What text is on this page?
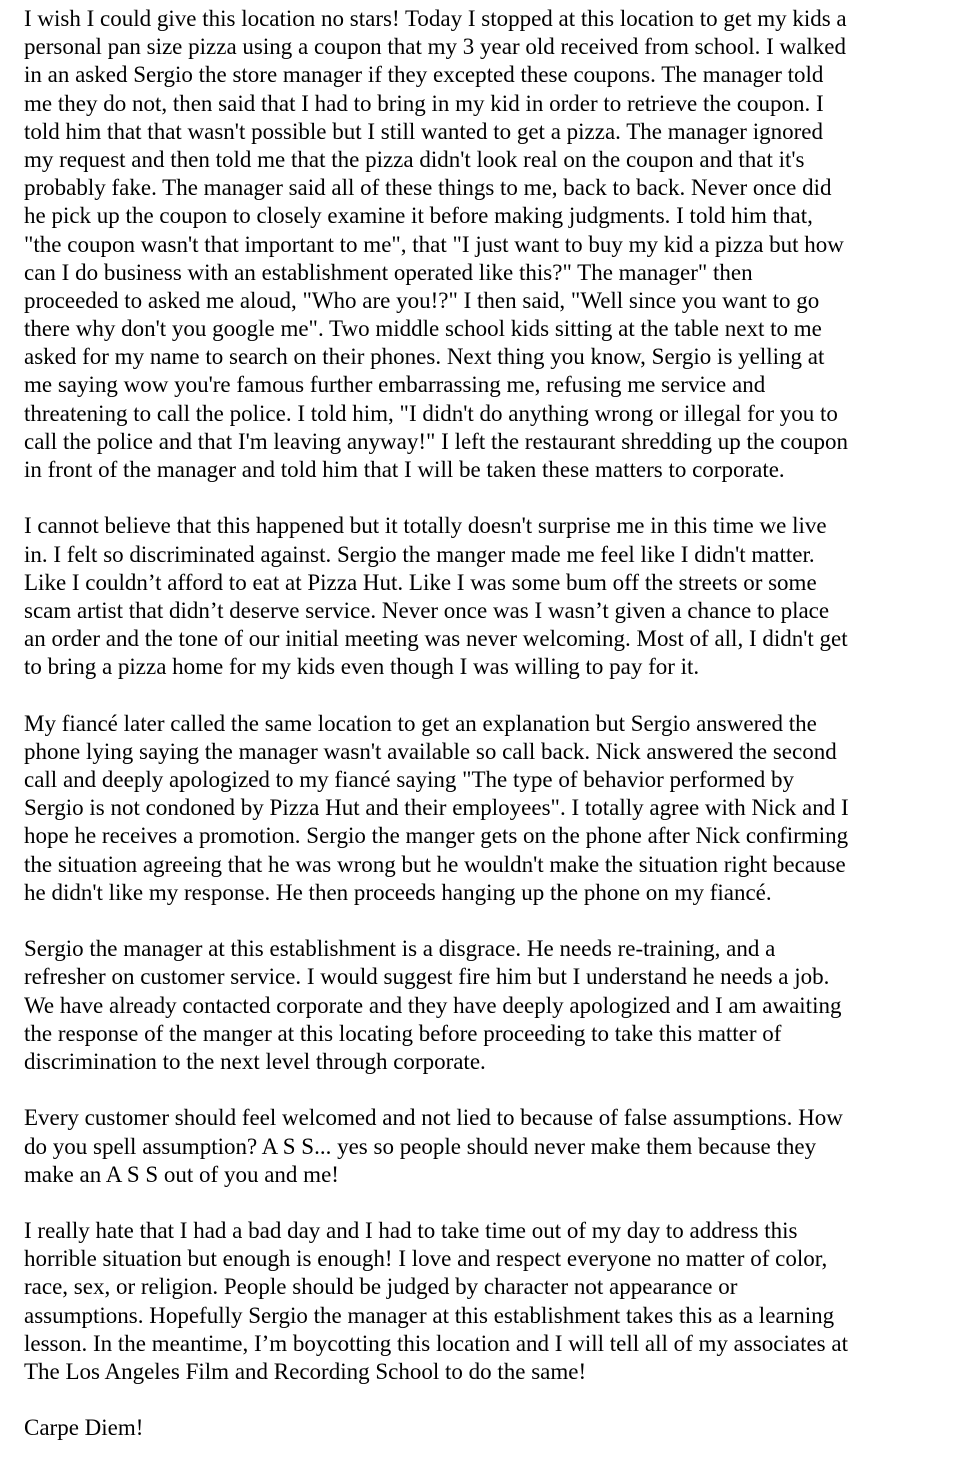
I wish I could give this location no stars! Today I stopped at this location to get my kids a
personal pan size pizza using a coupon that my 3 year old received from school. I walked
in an asked Sergio the store manager if they excepted these coupons. The manager told
me they do not, then said that I had to bring in my kid in order to retrieve the coupon. I
told him that that wasn't possible but I still wanted to get a pizza. The manager ignored
my request and then told me that the pizza didn't look real on the coupon and that it's
probably fake. The manager said all of these things to me, back to back. Never once did
he pick up the coupon to closely examine it before making judgments. I told him that,
"the coupon wasn't that important to me", that "I just want to buy my kid a pizza but how
can I do business with an establishment operated like this?" The manager" then
proceeded to asked me aloud, "Who are you!?" I then said, "Well since you want to go
there why don't you google me". Two middle school kids sitting at the table next to me
asked for my name to search on their phones. Next thing you know, Sergio is yelling at
me saying wow you're famous further embarrassing me, refusing me service and
threatening to call the police. I told him, "I didn't do anything wrong or illegal for you to
call the police and that I'm leaving anyway!" I left the restaurant shredding up the coupon
in front of the manager and told him that I will be taken these matters to corporate.
I cannot believe that this happened but it totally doesn't surprise me in this time we live
in. I felt so discriminated against. Sergio the manger made me feel like I didn't matter.
Like I couldn’t afford to eat at Pizza Hut. Like I was some bum off the streets or some
scam artist that didn’t deserve service. Never once was I wasn’t given a chance to place
an order and the tone of our initial meeting was never welcoming. Most of all, I didn't get
to bring a pizza home for my kids even though I was willing to pay for it.
My fiancé later called the same location to get an explanation but Sergio answered the
phone lying saying the manager wasn't available so call back. Nick answered the second
call and deeply apologized to my fiancé saying "The type of behavior performed by
Sergio is not condoned by Pizza Hut and their employees". I totally agree with Nick and I
hope he receives a promotion. Sergio the manger gets on the phone after Nick confirming
the situation agreeing that he was wrong but he wouldn't make the situation right because
he didn't like my response. He then proceeds hanging up the phone on my fiancé.
Sergio the manager at this establishment is a disgrace. He needs re-training, and a
refresher on customer service. I would suggest fire him but I understand he needs a job.
We have already contacted corporate and they have deeply apologized and I am awaiting
the response of the manger at this locating before proceeding to take this matter of
discrimination to the next level through corporate.
Every customer should feel welcomed and not lied to because of false assumptions. How
do you spell assumption? A S S... yes so people should never make them because they
make an A S S out of you and me!
I really hate that I had a bad day and I had to take time out of my day to address this
horrible situation but enough is enough! I love and respect everyone no matter of color,
race, sex, or religion. People should be judged by character not appearance or
assumptions. Hopefully Sergio the manager at this establishment takes this as a learning
lesson. In the meantime, I’m boycotting this location and I will tell all of my associates at
The Los Angeles Film and Recording School to do the same!
Carpe Diem!
